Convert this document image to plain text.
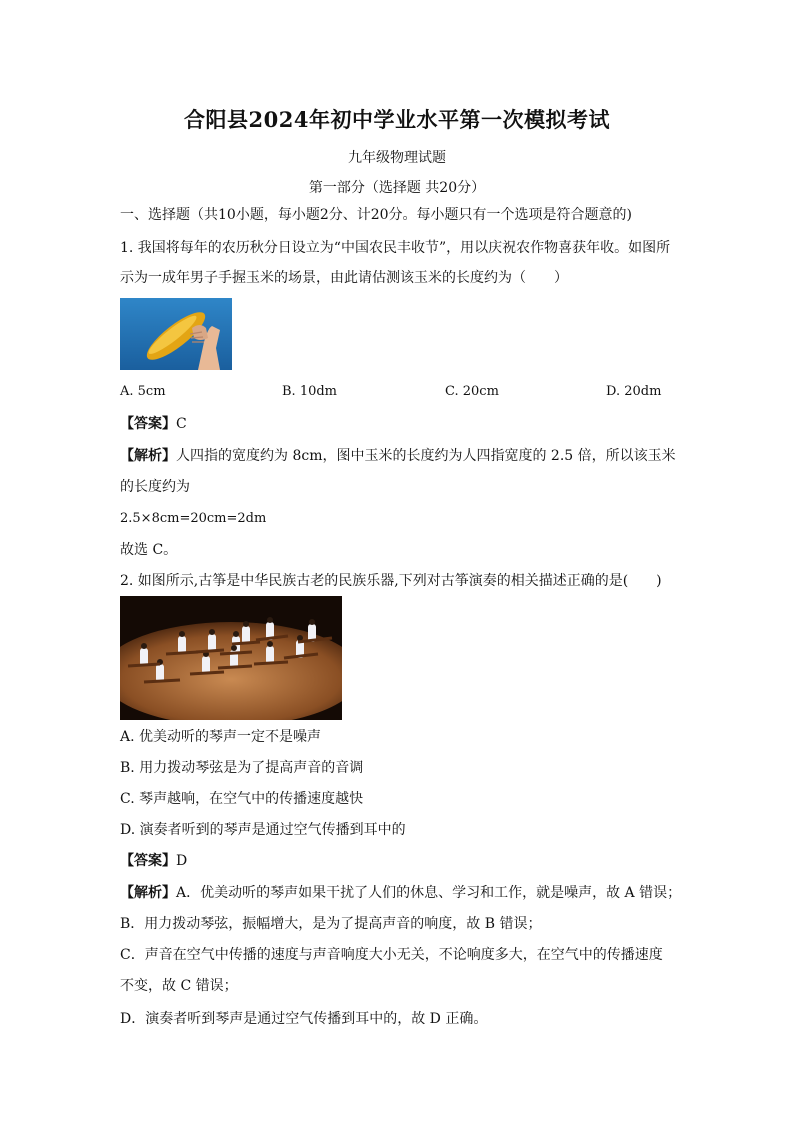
合阳县2024年初中学业水平第一次模拟考试
九年级物理试题
第一部分（选择题 共20分）
一、选择题（共10小题，每小题2分、计20分。每小题只有一个选项是符合题意的)
1. 我国将每年的农历秋分日设立为“中国农民丰收节”，用以庆祝农作物喜获年收。如图所
示为一成年男子手握玉米的场景，由此请估测该玉米的长度约为（　　）
A. 5cm	B. 10dm	C. 20cm	D. 20dm
【答案】C
【解析】人四指的宽度约为 8cm，图中玉米的长度约为人四指宽度的 2.5 倍，所以该玉米
的长度约为
2.5×8cm=20cm=2dm
故选 C。
2. 如图所示,古筝是中华民族古老的民族乐器,下列对古筝演奏的相关描述正确的是(　　)
A. 优美动听的琴声一定不是噪声
B. 用力拨动琴弦是为了提高声音的音调
C. 琴声越响，在空气中的传播速度越快
D. 演奏者听到的琴声是通过空气传播到耳中的
【答案】D
【解析】A．优美动听的琴声如果干扰了人们的休息、学习和工作，就是噪声，故 A 错误；
B．用力拨动琴弦，振幅增大，是为了提高声音的响度，故 B 错误；
C．声音在空气中传播的速度与声音响度大小无关，不论响度多大，在空气中的传播速度
不变，故 C 错误；
D．演奏者听到琴声是通过空气传播到耳中的，故 D 正确。
